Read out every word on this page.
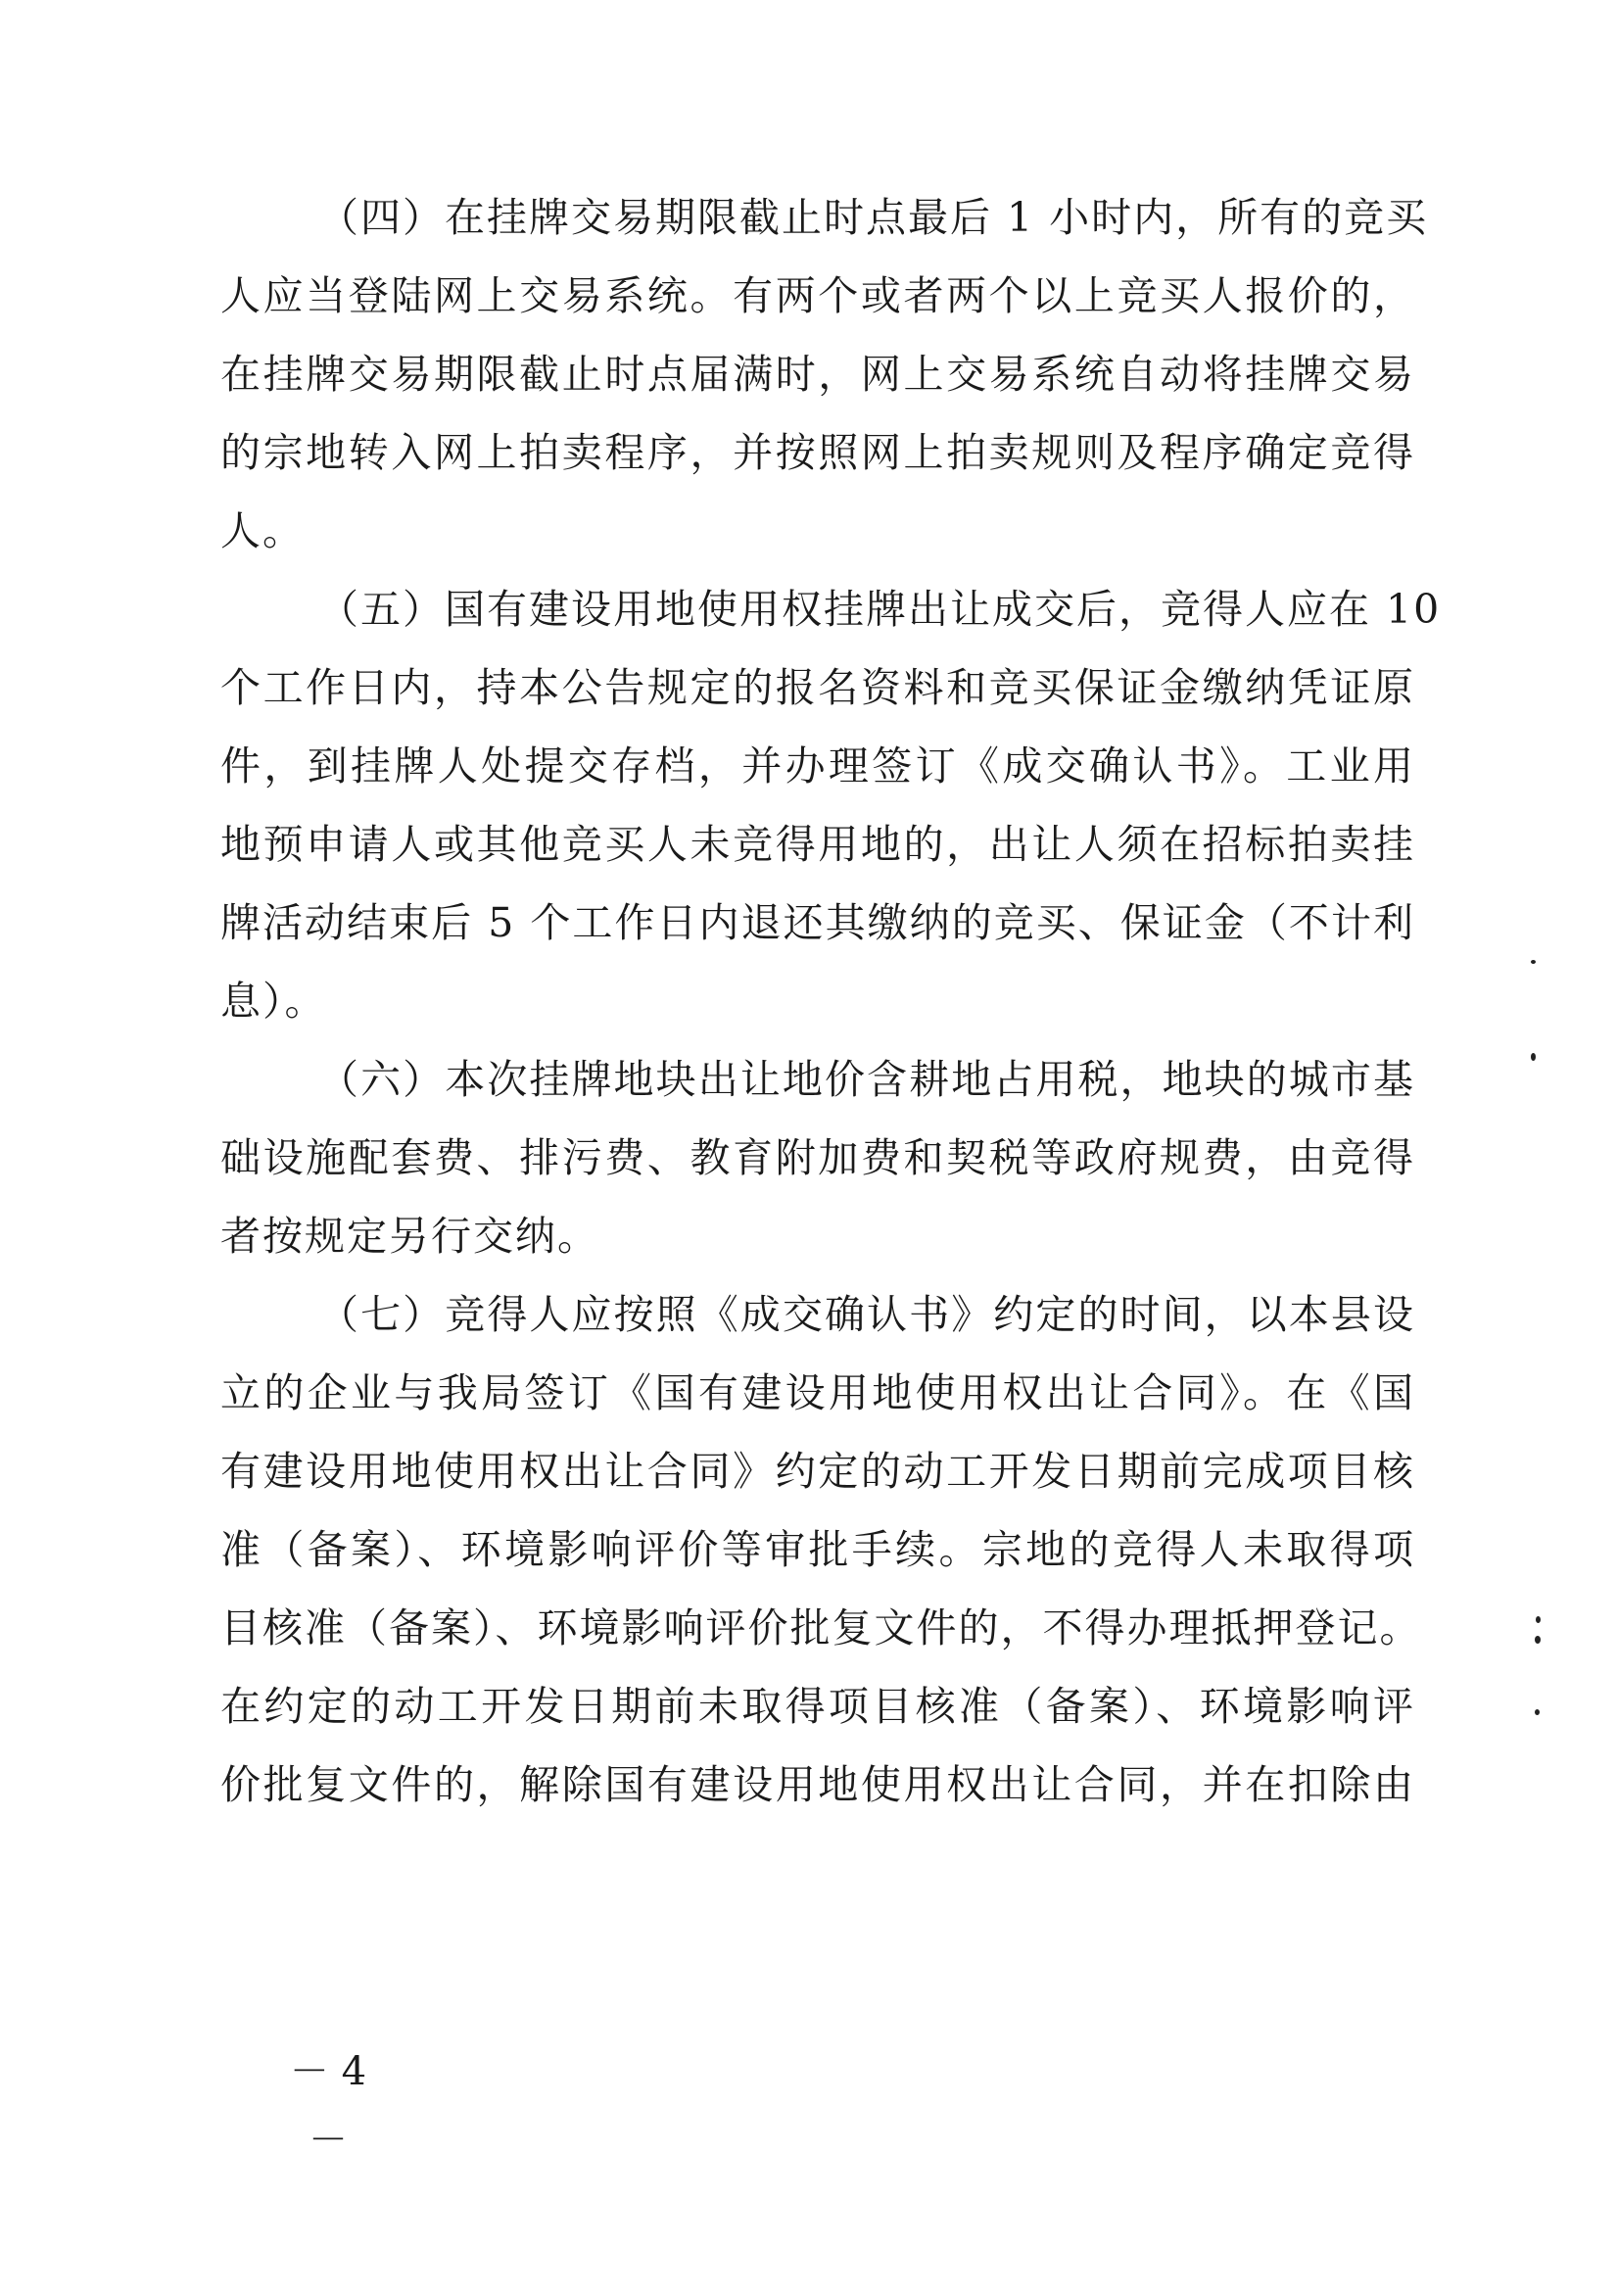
（四）在挂牌交易期限截止时点最后 1 小时内，所有的竞买
人应当登陆网上交易系统。有两个或者两个以上竞买人报价的，
在挂牌交易期限截止时点届满时，网上交易系统自动将挂牌交易
的宗地转入网上拍卖程序，并按照网上拍卖规则及程序确定竞得
人。
（五）国有建设用地使用权挂牌出让成交后，竞得人应在 10
个工作日内，持本公告规定的报名资料和竞买保证金缴纳凭证原
件，到挂牌人处提交存档，并办理签订《成交确认书》。工业用
地预申请人或其他竞买人未竞得用地的，出让人须在招标拍卖挂
牌活动结束后 5 个工作日内退还其缴纳的竞买、保证金（不计利
息）。
（六）本次挂牌地块出让地价含耕地占用税，地块的城市基
础设施配套费、排污费、教育附加费和契税等政府规费，由竞得
者按规定另行交纳。
（七）竞得人应按照《成交确认书》约定的时间，以本县设
立的企业与我局签订《国有建设用地使用权出让合同》。在《国
有建设用地使用权出让合同》约定的动工开发日期前完成项目核
准（备案）、环境影响评价等审批手续。宗地的竞得人未取得项
目核准（备案）、环境影响评价批复文件的，不得办理抵押登记。
在约定的动工开发日期前未取得项目核准（备案）、环境影响评
价批复文件的，解除国有建设用地使用权出让合同，并在扣除由
－ 4 －
